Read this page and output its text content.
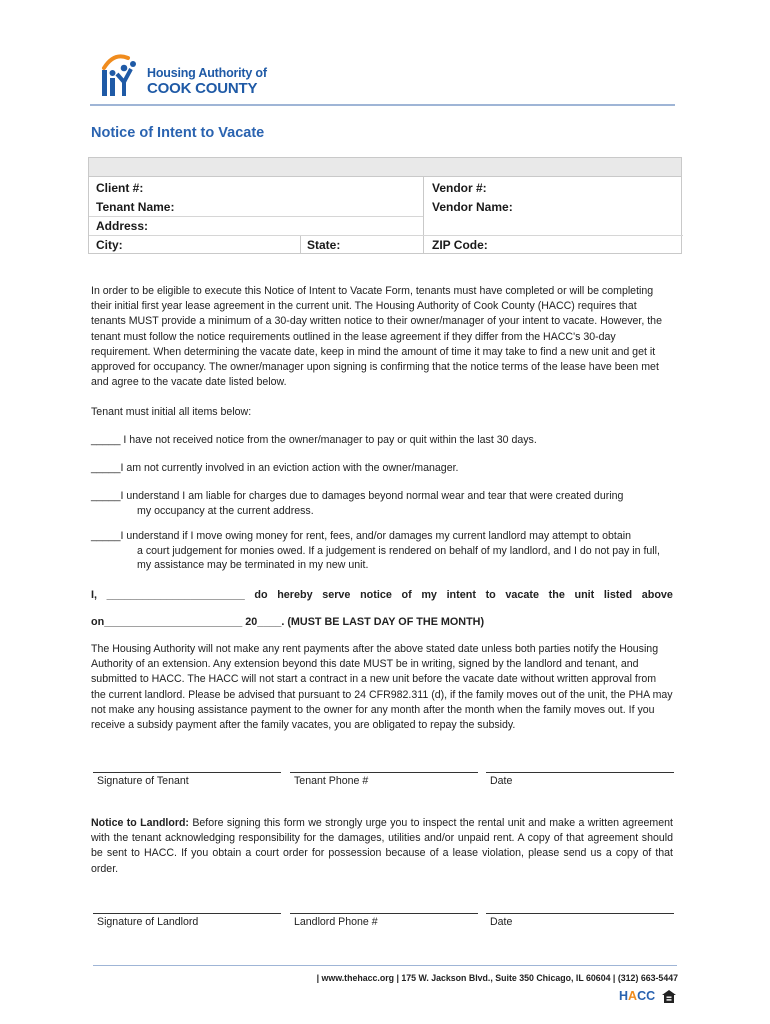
Housing Authority of
COOK COUNTY
Notice of Intent to Vacate
Client #:	Vendor #:
Tenant Name:	Vendor Name:
Address:
City:	State:	ZIP Code:
In order to be eligible to execute this Notice of Intent to Vacate Form, tenants must have completed or will be completing their initial first year lease agreement in the current unit. The Housing Authority of Cook County (HACC) requires that tenants MUST provide a minimum of a 30-day written notice to their owner/manager of your intent to vacate. However, the tenant must follow the notice requirements outlined in the lease agreement if they differ from the HACC's 30-day requirement. When determining the vacate date, keep in mind the amount of time it may take to find a new unit and get it approved for occupancy. The owner/manager upon signing is confirming that the notice terms of the lease have been met and agree to the vacate date listed below.
Tenant must initial all items below:
_____ I have not received notice from the owner/manager to pay or quit within the last 30 days.
_____I am not currently involved in an eviction action with the owner/manager.
_____I understand I am liable for charges due to damages beyond normal wear and tear that were created during
my occupancy at the current address.
_____I understand if I move owing money for rent, fees, and/or damages my current landlord may attempt to obtain
a court judgement for monies owed. If a judgement is rendered on behalf of my landlord, and I do not pay in full, my assistance may be terminated in my new unit.
I, _______________________ do hereby serve notice of my intent to vacate the unit listed above
on_______________________ 20____. (MUST BE LAST DAY OF THE MONTH)
The Housing Authority will not make any rent payments after the above stated date unless both parties notify the Housing Authority of an extension. Any extension beyond this date MUST be in writing, signed by the landlord and tenant, and submitted to HACC. The HACC will not start a contract in a new unit before the vacate date without written approval from the current landlord. Please be advised that pursuant to 24 CFR982.311 (d), if the family moves out of the unit, the PHA may not make any housing assistance payment to the owner for any month after the month when the family moves out. If you receive a subsidy payment after the family vacates, you are obligated to repay the subsidy.
Signature of Tenant	Tenant Phone #	Date
Notice to Landlord: Before signing this form we strongly urge you to inspect the rental unit and make a written agreement with the tenant acknowledging responsibility for the damages, utilities and/or unpaid rent. A copy of that agreement should be sent to HACC. If you obtain a court order for possession because of a lease violation, please send us a copy of that order.
Signature of Landlord	Landlord Phone #	Date
| www.thehacc.org | 175 W. Jackson Blvd., Suite 350 Chicago, IL 60604 | (312) 663-5447
HACC
